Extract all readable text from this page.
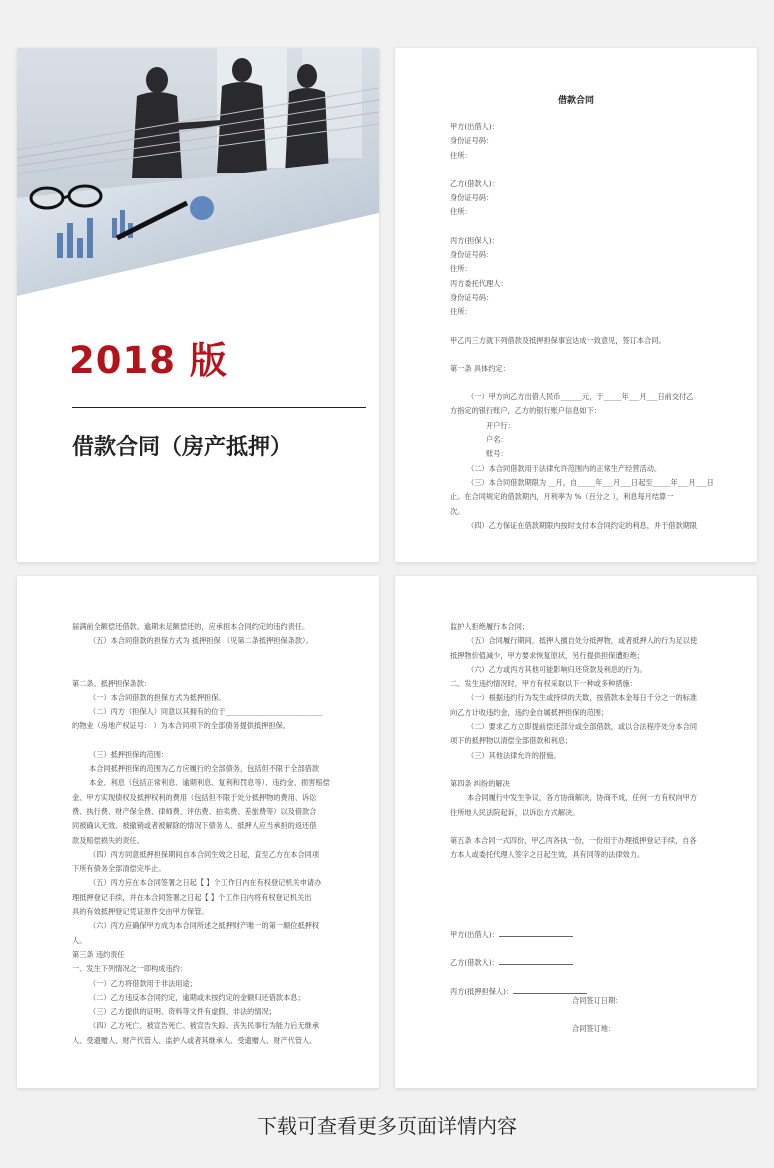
2018 版
借款合同（房产抵押）

借款合同

甲方(出借人)：

身份证号码：

住所：

乙方(借款人)：

身份证号码：

住所：

丙方(担保人)：

身份证号码：

住所：

丙方委托代理人：

身份证号码：

住所：

甲乙丙三方就下列借款及抵押担保事宜达成一致意见，签订本合同。

第一条 具体约定：

（一）甲方向乙方出借人民币______元，于_____年___月___日前交付乙

方指定的银行账户，乙方的银行账户信息如下：

开户行：

户名：

账号：

（二）本合同借款用于法律允许范围内的正常生产经营活动。

（三）本合同借款期限为 __月，自_____年___月___日起至_____年___月___日

止。在合同规定的借款期内，月利率为 %（百分之 ），利息每月结算一

次。

（四）乙方保证在借款期限内按时支付本合同约定的利息，并于借款期限

届满前全额偿还借款。逾期未足额偿还的，应承担本合同约定的违约责任。

（五）本合同借款的担保方式为 抵押担保 （见第二条抵押担保条款）。

第二条、抵押担保条款：

（一）本合同借款的担保方式为抵押担保。

（二）丙方（担保人）同意以其拥有的位于___________________________

的物业（房地产权证号： ）为本合同项下的全部债务提供抵押担保。

（三）抵押担保的范围：

本合同抵押担保的范围为乙方应履行的全部债务，包括但不限于全部借款

本金、利息（包括正常利息、逾期利息、复利和罚息等）、违约金、损害赔偿

金、甲方实现债权及抵押权利的费用（包括但不限于处分抵押物的费用、诉讼

费、执行费、财产保全费、律师费、评估费、拍卖费、差旅费等）以及借款合

同被确认无效、被撤销或者被解除的情况下债务人、抵押人应当承担的返还借

款及赔偿损失的责任。

（四）丙方同意抵押担保期间自本合同生效之日起，直至乙方在本合同项

下所有债务全部清偿完毕止。

（五）丙方应在本合同签署之日起【 】个工作日内在有权登记机关申请办

理抵押登记手续，并在本合同签署之日起【 】个工作日内将有权登记机关出

具的有效抵押登记凭证原件交由甲方保管。

（六）丙方应确保甲方成为本合同所述之抵押财产唯一的第一顺位抵押权

人。

第三条 违约责任

一、发生下列情况之一即构成违约：

（一）乙方将借款用于非法用途；

（二）乙方违反本合同约定，逾期或未按约定的金额归还借款本息；

（三）乙方提供的证明、资料等文件有虚假、非法的情况；

（四）乙方死亡、被宣告死亡、被宣告失踪、丧失民事行为能力后无继承

人、受遗赠人、财产代管人、监护人或者其继承人、受遗赠人、财产代管人、

监护人拒绝履行本合同；

（五）合同履行期间，抵押人擅自处分抵押物，或者抵押人的行为足以使

抵押物价值减少，甲方要求恢复原状，另行提供担保遭拒绝；

（六）乙方或丙方其他可能影响归还贷款及利息的行为。

二、发生违约情况时，甲方有权采取以下一种或多种措施：

（一）根据违约行为发生或持续的天数，按借款本金每日千分之一的标准

向乙方计收违约金，违约金自属抵押担保的范围；

（二）要求乙方立即提前偿还部分或全部借款，或以合法程序处分本合同

项下的抵押物以清偿全部借款和利息；

（三）其他法律允许的措施。

第四条 纠纷的解决

本合同履行中发生争议，各方协商解决，协商不成，任何一方有权向甲方

住所地人民法院起诉，以诉讼方式解决。

第五条 本合同一式四份，甲乙丙各执一份，一份用于办理抵押登记手续，自各

方本人或委托代理人签字之日起生效，具有同等的法律效力。

甲方(出借人)：

乙方(借款人)：

丙方(抵押担保人)：

合同签订日期：

合同签订地：

下载可查看更多页面详情内容
